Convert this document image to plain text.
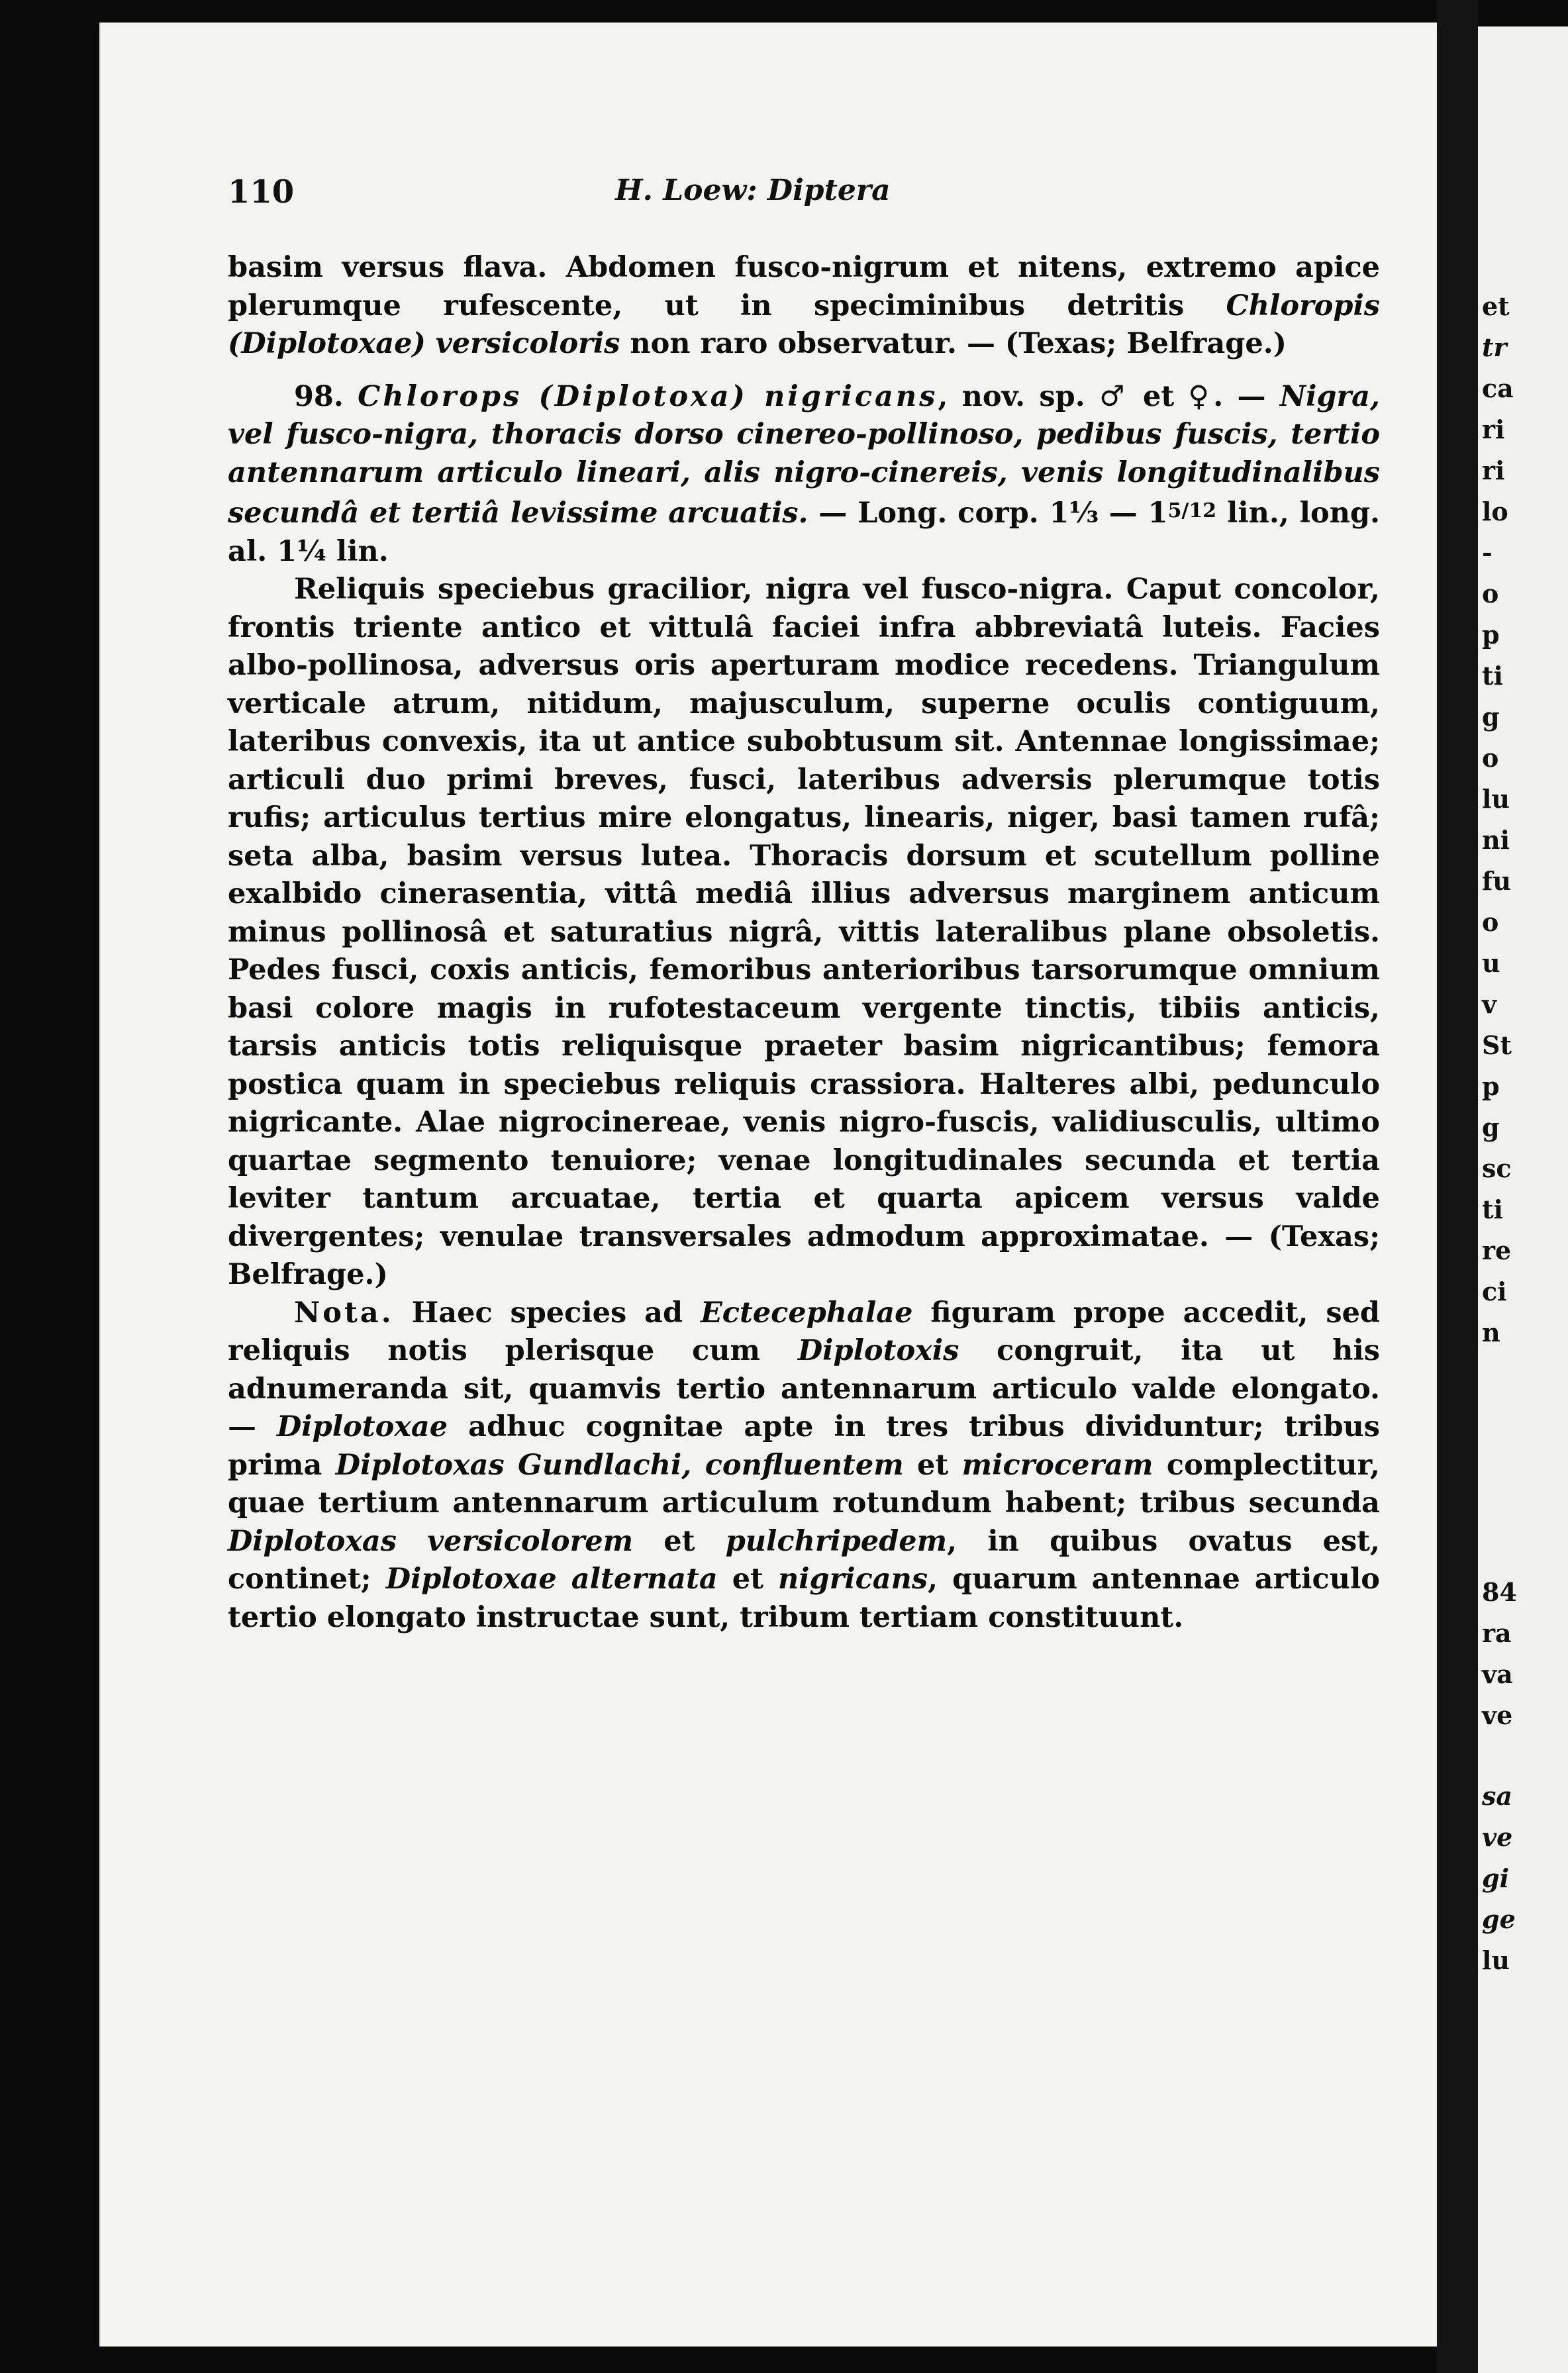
et
tr
ca
ri
ri
lo
-
o
p
ti
g
o
lu
ni
fu
o
u
v
St
p
g
sc
ti
re
ci
n
84
ra
va
ve
sa
ve
gi
ge
lu
110	H. Loew: Diptera

basim versus flava. Abdomen fusco-nigrum et nitens, extremo apice plerumque rufescente, ut in speciminibus detritis Chloropis (Diplotoxae) versicoloris non raro observatur. — (Texas; Belfrage.)

98. Chlorops (Diplotoxa) nigricans, nov. sp. ♂ et ♀. — Nigra, vel fusco-nigra, thoracis dorso cinereo-pollinoso, pedibus fuscis, tertio antennarum articulo lineari, alis nigro-cinereis, venis longitudinalibus secundâ et tertiâ levissime arcuatis. — Long. corp. 1⅓ — 15/12 lin., long. al. 1¼ lin.

Reliquis speciebus gracilior, nigra vel fusco-nigra. Caput concolor, frontis triente antico et vittulâ faciei infra abbreviatâ luteis. Facies albo-pollinosa, adversus oris aperturam modice recedens. Triangulum verticale atrum, nitidum, majusculum, superne oculis contiguum, lateribus convexis, ita ut antice subobtusum sit. Antennae longissimae; articuli duo primi breves, fusci, lateribus adversis plerumque totis rufis; articulus tertius mire elongatus, linearis, niger, basi tamen rufâ; seta alba, basim versus lutea. Thoracis dorsum et scutellum polline exalbido cinerasentia, vittâ mediâ illius adversus marginem anticum minus pollinosâ et saturatius nigrâ, vittis lateralibus plane obsoletis. Pedes fusci, coxis anticis, femoribus anterioribus tarsorumque omnium basi colore magis in rufotestaceum vergente tinctis, tibiis anticis, tarsis anticis totis reliquisque praeter basim nigricantibus; femora postica quam in speciebus reliquis crassiora. Halteres albi, pedunculo nigricante. Alae nigrocinereae, venis nigro-fuscis, validiusculis, ultimo quartae segmento tenuiore; venae longitudinales secunda et tertia leviter tantum arcuatae, tertia et quarta apicem versus valde divergentes; venulae transversales admodum approximatae. — (Texas; Belfrage.)

Nota. Haec species ad Ectecephalae figuram prope accedit, sed reliquis notis plerisque cum Diplotoxis congruit, ita ut his adnumeranda sit, quamvis tertio antennarum articulo valde elongato. — Diplotoxae adhuc cognitae apte in tres tribus dividuntur; tribus prima Diplotoxas Gundlachi, confluentem et microceram complectitur, quae tertium antennarum articulum rotundum habent; tribus secunda Diplotoxas versicolorem et pulchripedem, in quibus ovatus est, continet; Diplotoxae alternata et nigricans, quarum antennae articulo tertio elongato instructae sunt, tribum tertiam constituunt.
